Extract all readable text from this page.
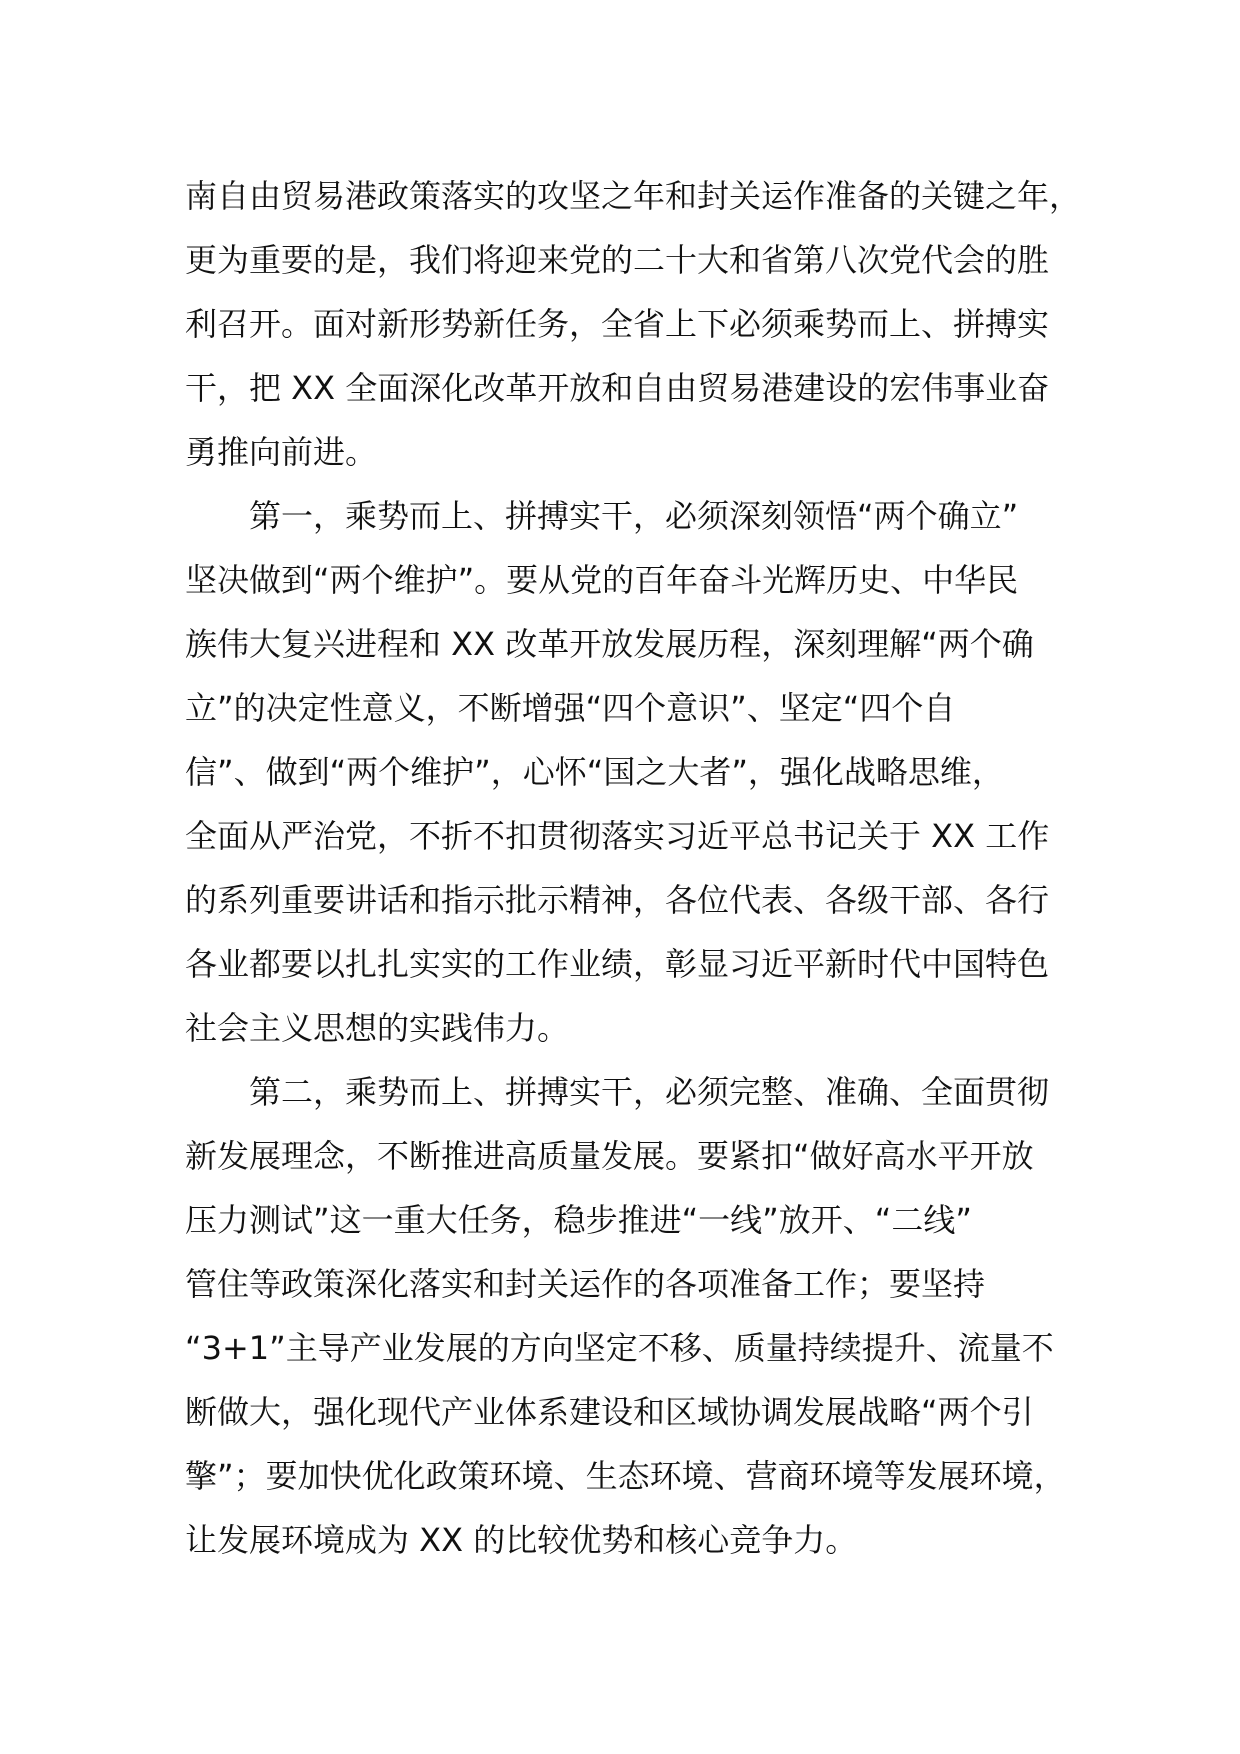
南自由贸易港政策落实的攻坚之年和封关运作准备的关键之年，
更为重要的是，我们将迎来党的二十大和省第八次党代会的胜
利召开。面对新形势新任务，全省上下必须乘势而上、拼搏实
干，把 XX 全面深化改革开放和自由贸易港建设的宏伟事业奋
勇推向前进。
第一，乘势而上、拼搏实干，必须深刻领悟“两个确立”
坚决做到“两个维护”。要从党的百年奋斗光辉历史、中华民
族伟大复兴进程和 XX 改革开放发展历程，深刻理解“两个确
立”的决定性意义，不断增强“四个意识”、坚定“四个自
信”、做到“两个维护”，心怀“国之大者”，强化战略思维，
全面从严治党，不折不扣贯彻落实习近平总书记关于 XX 工作
的系列重要讲话和指示批示精神，各位代表、各级干部、各行
各业都要以扎扎实实的工作业绩，彰显习近平新时代中国特色
社会主义思想的实践伟力。
第二，乘势而上、拼搏实干，必须完整、准确、全面贯彻
新发展理念，不断推进高质量发展。要紧扣“做好高水平开放
压力测试”这一重大任务，稳步推进“一线”放开、“二线”
管住等政策深化落实和封关运作的各项准备工作；要坚持
“3+1”主导产业发展的方向坚定不移、质量持续提升、流量不
断做大，强化现代产业体系建设和区域协调发展战略“两个引
擎”；要加快优化政策环境、生态环境、营商环境等发展环境，
让发展环境成为 XX 的比较优势和核心竞争力。
